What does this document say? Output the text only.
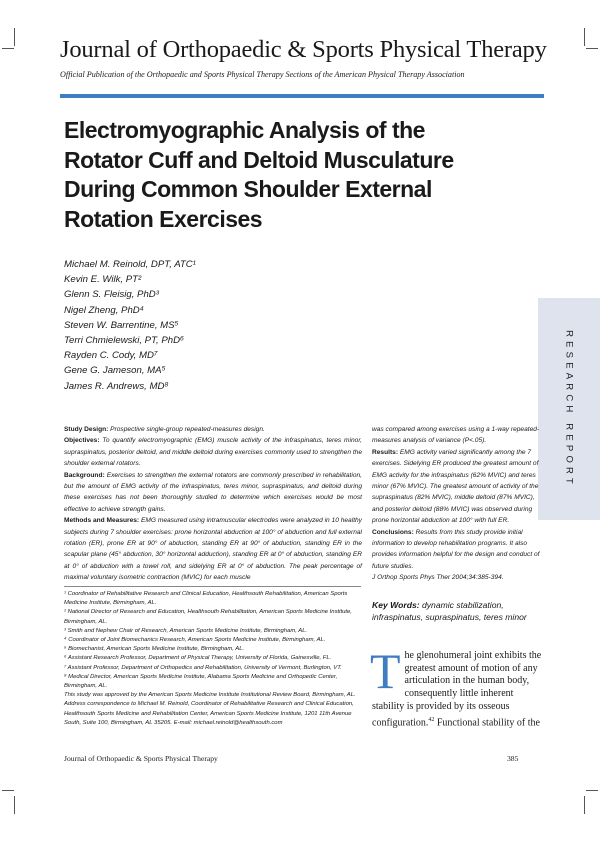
Journal of Orthopaedic & Sports Physical Therapy
Official Publication of the Orthopaedic and Sports Physical Therapy Sections of the American Physical Therapy Association
Electromyographic Analysis of the Rotator Cuff and Deltoid Musculature During Common Shoulder External Rotation Exercises
Michael M. Reinold, DPT, ATC¹
Kevin E. Wilk, PT²
Glenn S. Fleisig, PhD³
Nigel Zheng, PhD⁴
Steven W. Barrentine, MS⁵
Terri Chmielewski, PT, PhD⁶
Rayden C. Cody, MD⁷
Gene G. Jameson, MA⁵
James R. Andrews, MD⁸	RESEARCH REPORT

Study Design: Prospective single-group repeated-measures design.

Objectives: To quantify electromyographic (EMG) muscle activity of the infraspinatus, teres minor, supraspinatus, posterior deltoid, and middle deltoid during exercises commonly used to strengthen the shoulder external rotators.

Background: Exercises to strengthen the external rotators are commonly prescribed in rehabilitation, but the amount of EMG activity of the infraspinatus, teres minor, supraspinatus, and deltoid during these exercises has not been thoroughly studied to determine which exercises would be most effective to achieve strength gains.

Methods and Measures: EMG measured using intramuscular electrodes were analyzed in 10 healthy subjects during 7 shoulder exercises: prone horizontal abduction at 100° of abduction and full external rotation (ER), prone ER at 90° of abduction, standing ER at 90° of abduction, standing ER in the scapular plane (45° abduction, 30° horizontal adduction), standing ER at 0° of abduction, standing ER at 0° of abduction with a towel roll, and sidelying ER at 0° of abduction. The peak percentage of maximal voluntary isometric contraction (MVIC) for each muscle

was compared among exercises using a 1-way repeated-measures analysis of variance (P<.05).

Results: EMG activity varied significantly among the 7 exercises. Sidelying ER produced the greatest amount of EMG activity for the infraspinatus (62% MVIC) and teres minor (67% MVIC). The greatest amount of activity of the supraspinatus (82% MVIC), middle deltoid (87% MVIC), and posterior deltoid (88% MVIC) was observed during prone horizontal abduction at 100° with full ER.

Conclusions: Results from this study provide initial information to develop rehabilitation programs. It also provides information helpful for the design and conduct of future studies.

J Orthop Sports Phys Ther 2004;34:385-394.

Key Words: dynamic stabilization, infraspinatus, supraspinatus, teres minor

¹ Coordinator of Rehabilitative Research and Clinical Education, Healthsouth Rehabilitation, American Sports Medicine Institute, Birmingham, AL.

² National Director of Research and Education, Healthsouth Rehabilitation, American Sports Medicine Institute, Birmingham, AL.

³ Smith and Nephew Chair of Research, American Sports Medicine Institute, Birmingham, AL.

⁴ Coordinator of Joint Biomechanics Research, American Sports Medicine Institute, Birmingham, AL.

⁵ Biomechanist, American Sports Medicine Institute, Birmingham, AL.

⁶ Assistant Research Professor, Department of Physical Therapy, University of Florida, Gainesville, FL.

⁷ Assistant Professor, Department of Orthopedics and Rehabilitation, University of Vermont, Burlington, VT.

⁸ Medical Director, American Sports Medicine Institute, Alabama Sports Medicine and Orthopedic Center, Birmingham, AL.

This study was approved by the American Sports Medicine Institute Institutional Review Board, Birmingham, AL.

Address correspondence to Michael M. Reinold, Coordinator of Rehabilitative Research and Clinical Education, Healthsouth Sports Medicine and Rehabilitation Center, American Sports Medicine Institute, 1201 11th Avenue South, Suite 100, Birmingham, AL 35205. E-mail: michael.reinold@healthsouth.com

The glenohumeral joint exhibits the greatest amount of motion of any articulation in the human body, consequently little inherent stability is provided by its osseous configuration.$^{42}$ Functional stability of the
Journal of Orthopaedic & Sports Physical Therapy	385
